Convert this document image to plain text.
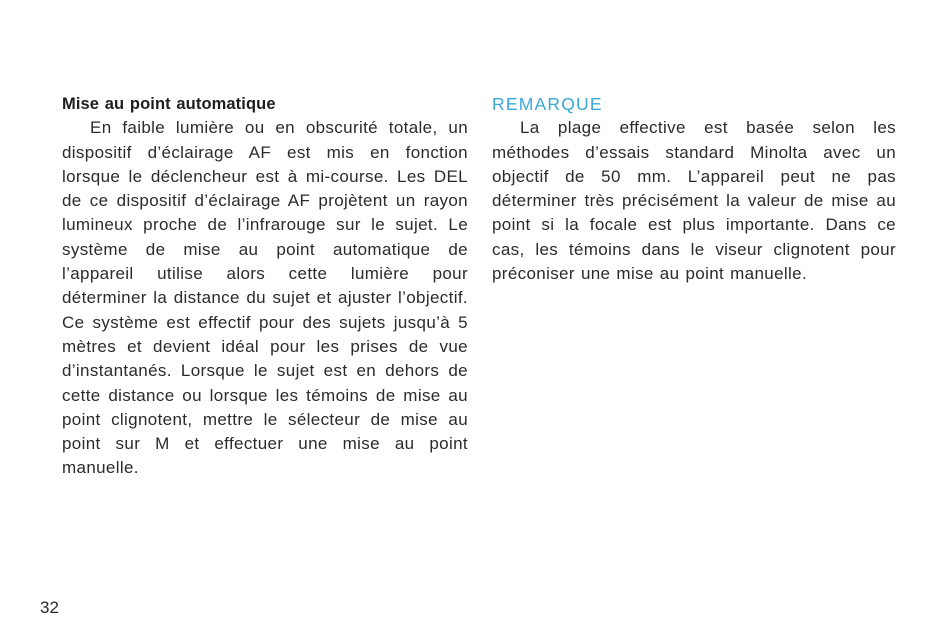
Mise au point automatique

En faible lumière ou en obscurité totale, un dispositif d’éclairage AF est mis en fonction lorsque le déclencheur est à mi-course. Les DEL de ce dispositif d’éclairage AF projètent un rayon lumineux proche de l’infrarouge sur le sujet. Le système de mise au point automatique de l’appareil utilise alors cette lumière pour déterminer la distance du sujet et ajuster l’objectif. Ce système est effectif pour des sujets jusqu’à 5 mètres et devient idéal pour les prises de vue d’instantanés. Lorsque le sujet est en dehors de cette distance ou lorsque les témoins de mise au point clignotent, mettre le sélecteur de mise au point sur M et effectuer une mise au point manuelle.

REMARQUE

La plage effective est basée selon les méthodes d’essais standard Minolta avec un objectif de 50 mm. L’appareil peut ne pas déterminer très précisément la valeur de mise au point si la focale est plus importante. Dans ce cas, les témoins dans le viseur clignotent pour préconiser une mise au point manuelle.

32
